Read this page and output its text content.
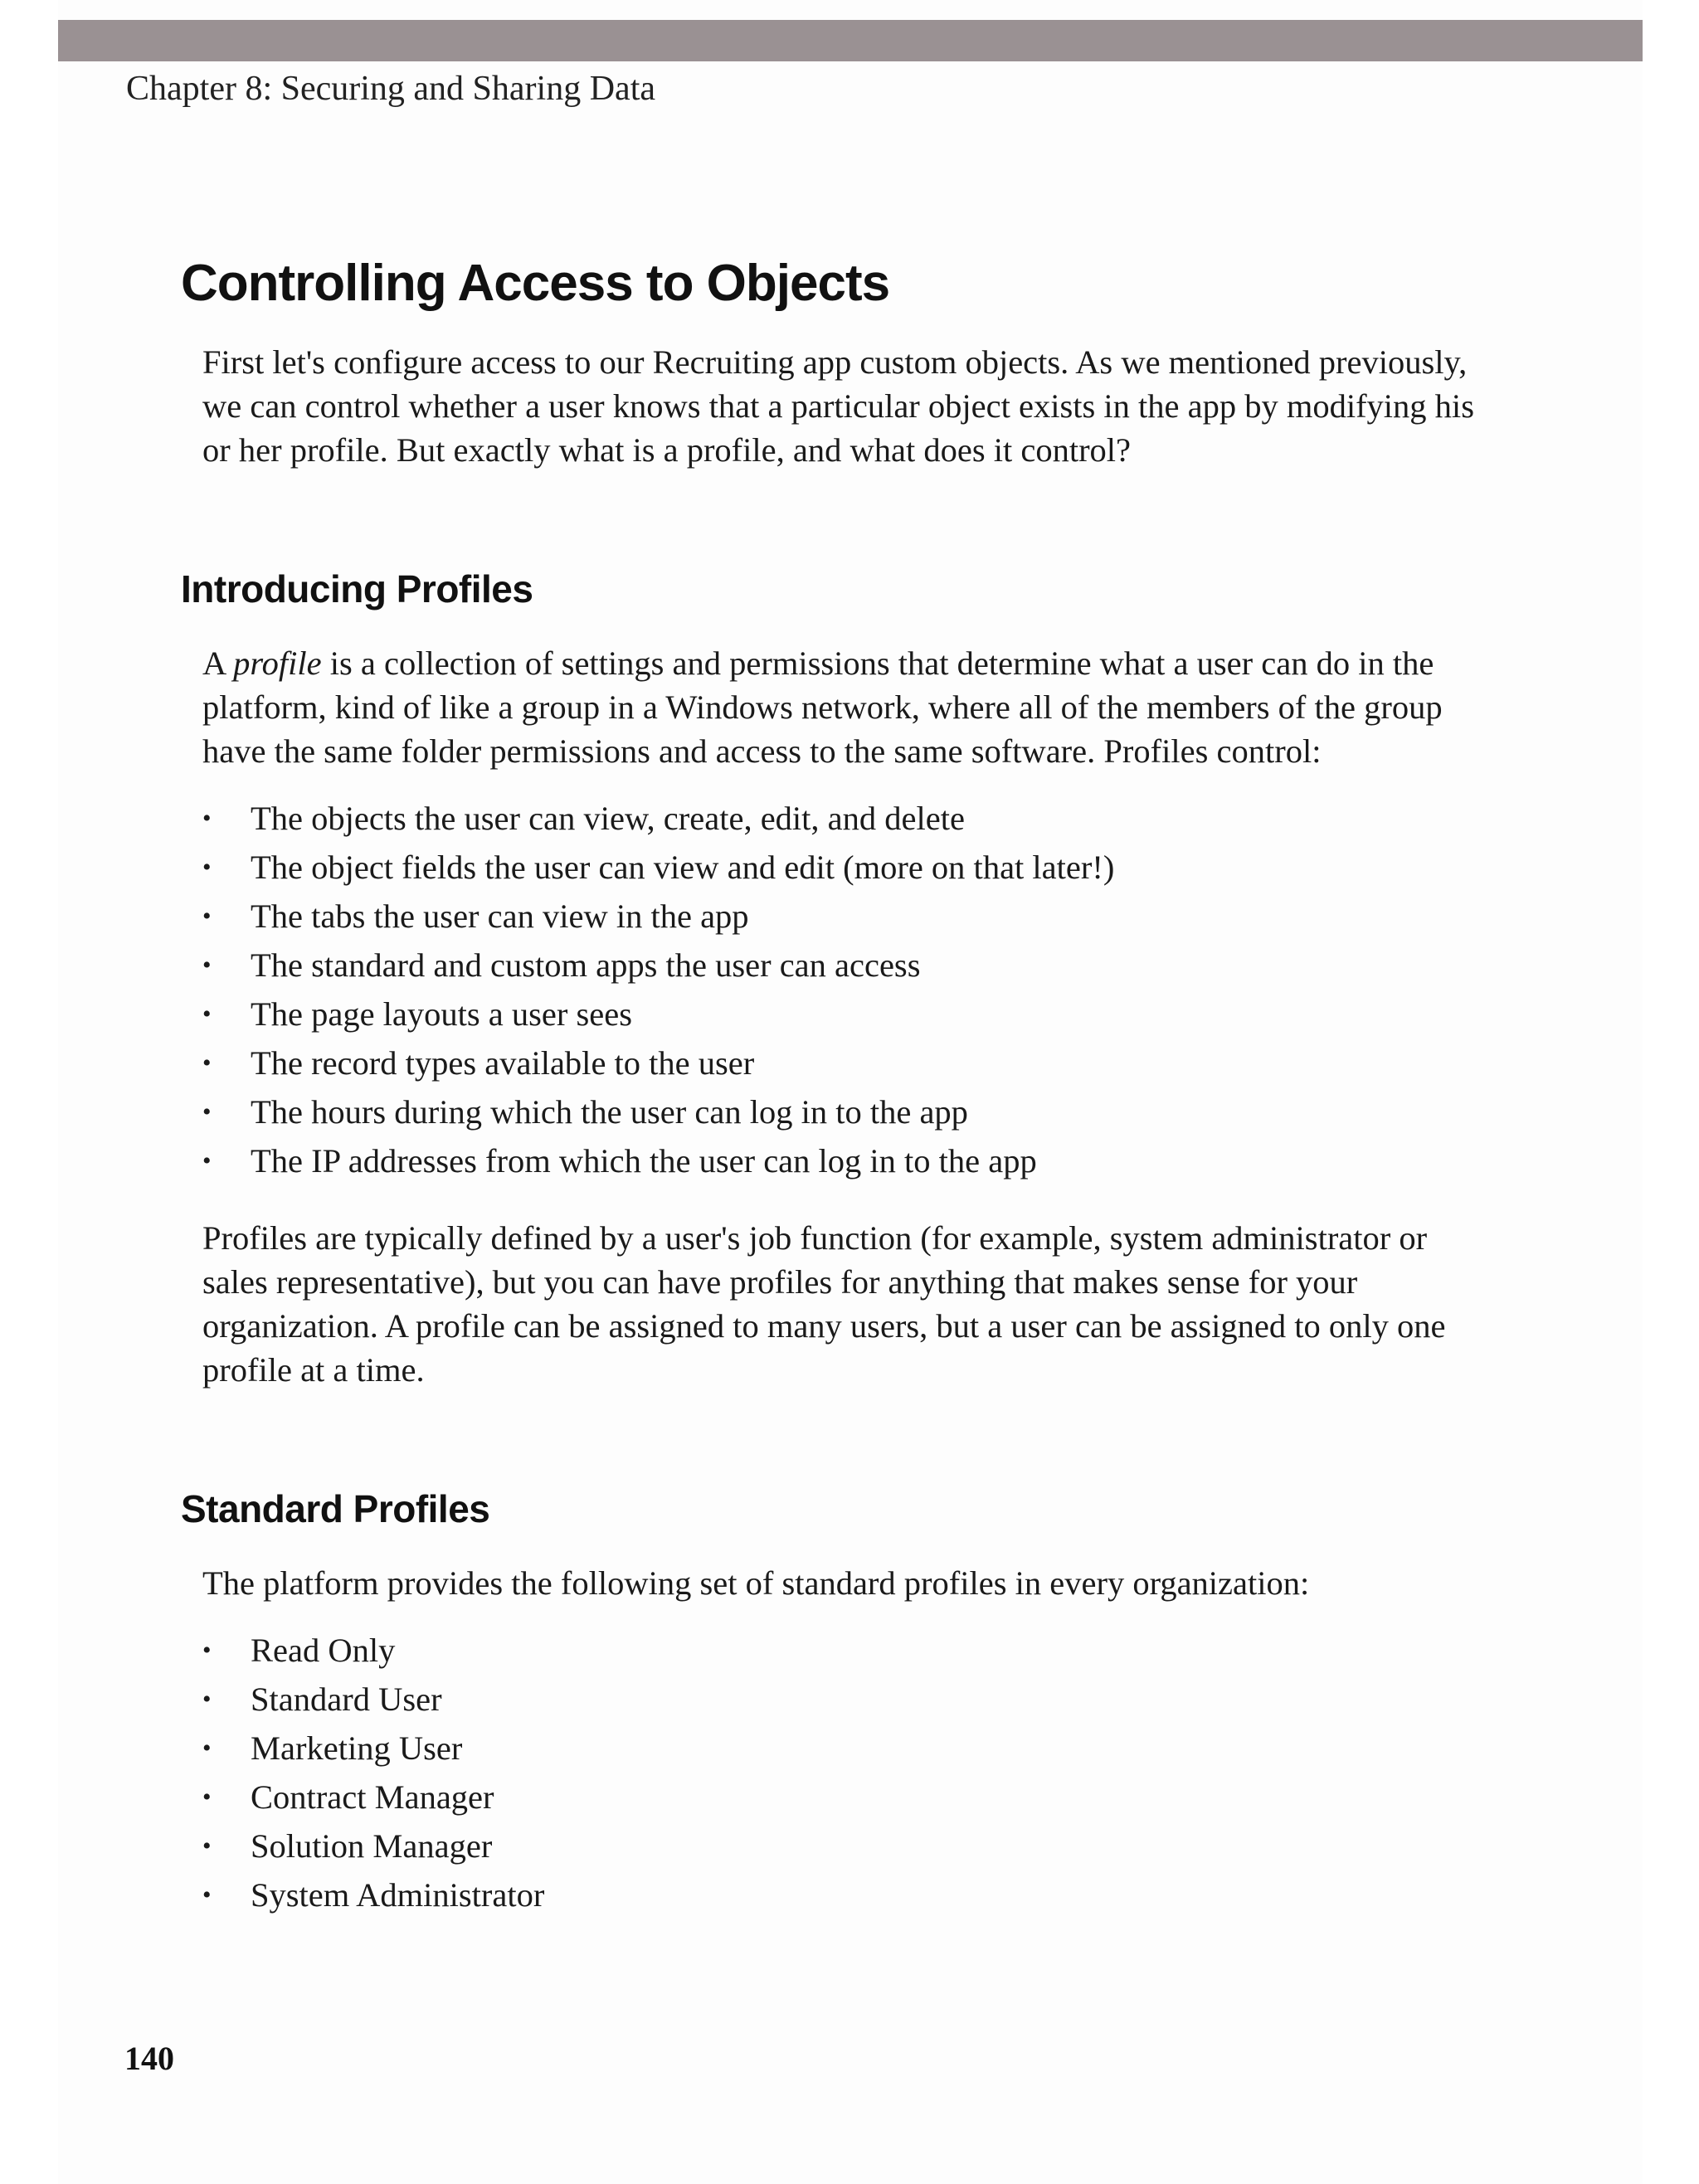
Chapter 8: Securing and Sharing Data
Controlling Access to Objects

First let's configure access to our Recruiting app custom objects. As we mentioned previously,

we can control whether a user knows that a particular object exists in the app by modifying his

or her profile. But exactly what is a profile, and what does it control?

Introducing Profiles

A profile is a collection of settings and permissions that determine what a user can do in the

platform, kind of like a group in a Windows network, where all of the members of the group

have the same folder permissions and access to the same software. Profiles control:

• The objects the user can view, create, edit, and delete
• The object fields the user can view and edit (more on that later!)
• The tabs the user can view in the app
• The standard and custom apps the user can access
• The page layouts a user sees
• The record types available to the user
• The hours during which the user can log in to the app
• The IP addresses from which the user can log in to the app

Profiles are typically defined by a user's job function (for example, system administrator or

sales representative), but you can have profiles for anything that makes sense for your

organization. A profile can be assigned to many users, but a user can be assigned to only one

profile at a time.

Standard Profiles

The platform provides the following set of standard profiles in every organization:

• Read Only
• Standard User
• Marketing User
• Contract Manager
• Solution Manager
• System Administrator
140
